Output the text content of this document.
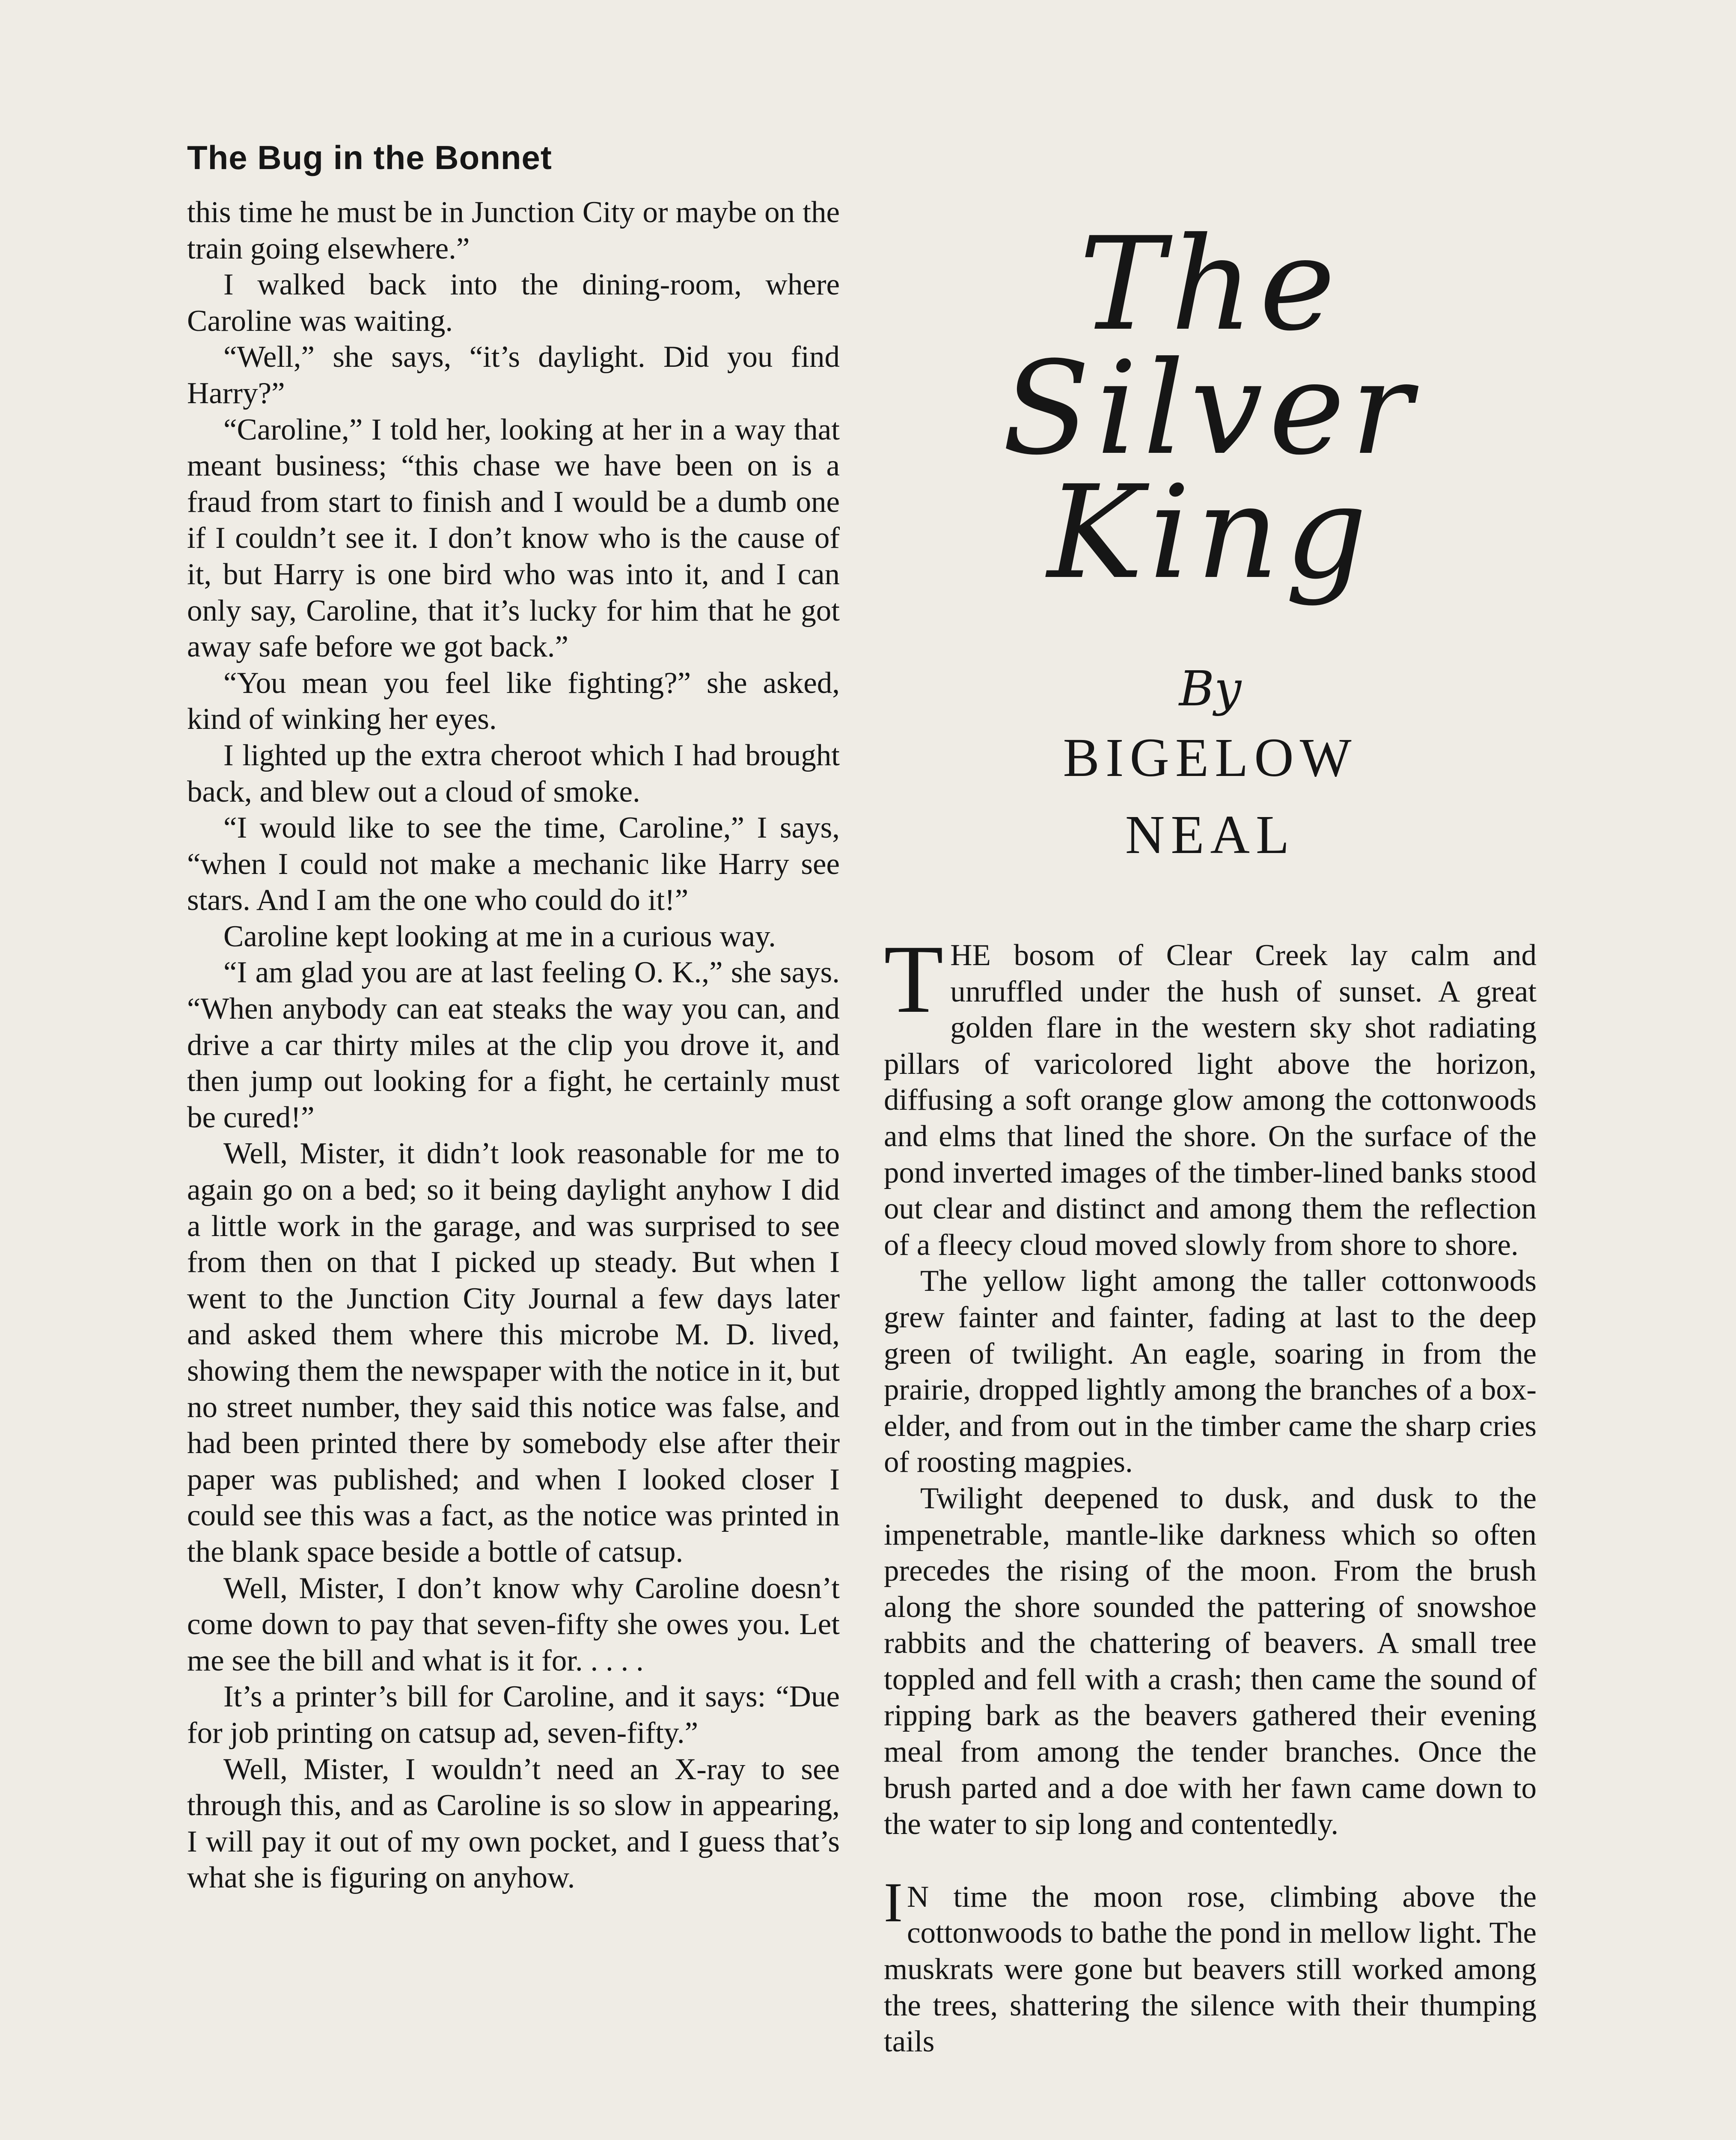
The Bug in the Bonnet

this time he must be in Junction City or maybe on the train going elsewhere.”

I walked back into the dining-room, where Caroline was waiting.

“Well,” she says, “it’s daylight. Did you find Harry?”

“Caroline,” I told her, looking at her in a way that meant business; “this chase we have been on is a fraud from start to finish and I would be a dumb one if I couldn’t see it. I don’t know who is the cause of it, but Harry is one bird who was into it, and I can only say, Caroline, that it’s lucky for him that he got away safe before we got back.”

“You mean you feel like fighting?” she asked, kind of winking her eyes.

I lighted up the extra cheroot which I had brought back, and blew out a cloud of smoke.

“I would like to see the time, Caroline,” I says, “when I could not make a mechanic like Harry see stars. And I am the one who could do it!”

Caroline kept looking at me in a curious way.

“I am glad you are at last feeling O. K.,” she says. “When anybody can eat steaks the way you can, and drive a car thirty miles at the clip you drove it, and then jump out looking for a fight, he certainly must be cured!”

Well, Mister, it didn’t look reasonable for me to again go on a bed; so it being daylight anyhow I did a little work in the garage, and was surprised to see from then on that I picked up steady. But when I went to the Junction City Journal a few days later and asked them where this microbe M. D. lived, showing them the newspaper with the notice in it, but no street number, they said this notice was false, and had been printed there by somebody else after their paper was published; and when I looked closer I could see this was a fact, as the notice was printed in the blank space beside a bottle of catsup.

Well, Mister, I don’t know why Caroline doesn’t come down to pay that seven-fifty she owes you. Let me see the bill and what is it for. . . . .

It’s a printer’s bill for Caroline, and it says: “Due for job printing on catsup ad, seven-fifty.”

Well, Mister, I wouldn’t need an X-ray to see through this, and as Caroline is so slow in appearing, I will pay it out of my own pocket, and I guess that’s what she is figuring on anyhow.

The
Silver
King
By
BIGELOW
NEAL

THE bosom of Clear Creek lay calm and unruffled under the hush of sunset. A great golden flare in the western sky shot radiating pillars of varicolored light above the horizon, diffusing a soft orange glow among the cottonwoods and elms that lined the shore. On the surface of the pond inverted images of the timber-lined banks stood out clear and distinct and among them the reflection of a fleecy cloud moved slowly from shore to shore.

The yellow light among the taller cottonwoods grew fainter and fainter, fading at last to the deep green of twilight. An eagle, soaring in from the prairie, dropped lightly among the branches of a box-elder, and from out in the timber came the sharp cries of roosting magpies.

Twilight deepened to dusk, and dusk to the impenetrable, mantle-like darkness which so often precedes the rising of the moon. From the brush along the shore sounded the pattering of snowshoe rabbits and the chattering of beavers. A small tree toppled and fell with a crash; then came the sound of ripping bark as the beavers gathered their evening meal from among the tender branches. Once the brush parted and a doe with her fawn came down to the water to sip long and contentedly.

I N time the moon rose, climbing above the cottonwoods to bathe the pond in mellow light. The muskrats were gone but beavers still worked among the trees, shattering the silence with their thumping tails
